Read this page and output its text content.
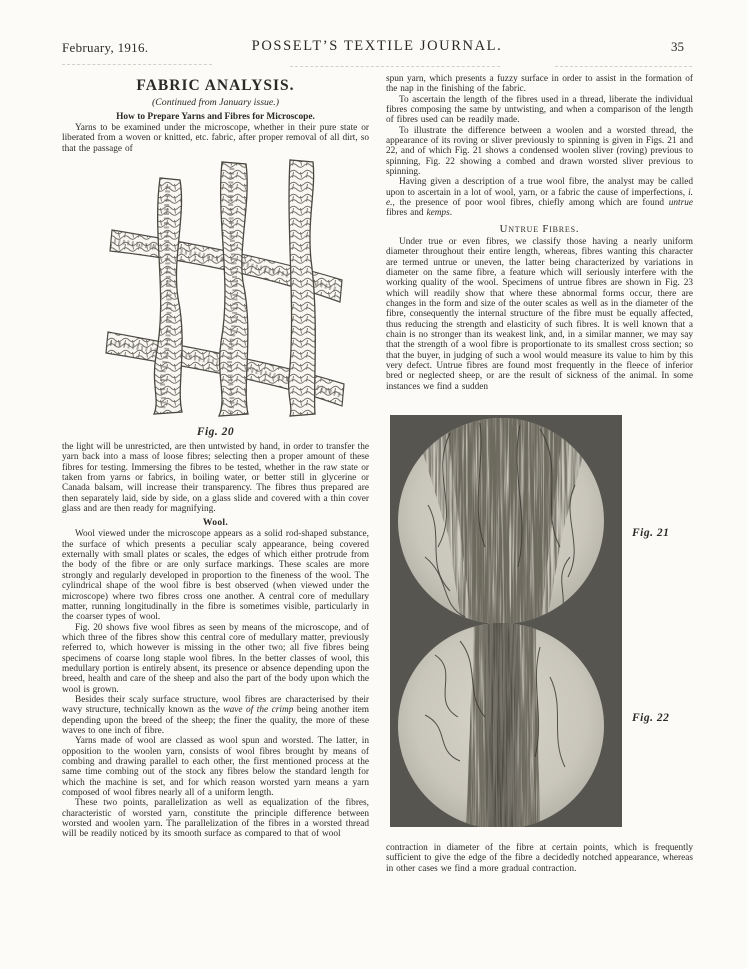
February, 1916.	POSSELT’S TEXTILE JOURNAL.	35
FABRIC ANALYSIS.
(Continued from January issue.)
How to Prepare Yarns and Fibres for Microscope.

Yarns to be examined under the microscope, whether in their pure state or liberated from a woven or knitted, etc. fabric, after proper removal of all dirt, so that the passage of

Fig. 20

the light will be unrestricted, are then untwisted by hand, in order to transfer the yarn back into a mass of loose fibres; selecting then a proper amount of these fibres for testing. Immersing the fibres to be tested, whether in the raw state or taken from yarns or fabrics, in boiling water, or better still in glycerine or Canada balsam, will increase their transparency. The fibres thus prepared are then separately laid, side by side, on a glass slide and covered with a thin cover glass and are then ready for magnifying.

Wool.

Wool viewed under the microscope appears as a solid rod-shaped substance, the surface of which presents a peculiar scaly appearance, being covered externally with small plates or scales, the edges of which either protrude from the body of the fibre or are only surface markings. These scales are more strongly and regularly developed in proportion to the fineness of the wool. The cylindrical shape of the wool fibre is best observed (when viewed under the microscope) where two fibres cross one another. A central core of medullary matter, running longitudinally in the fibre is sometimes visible, particularly in the coarser types of wool.

Fig. 20 shows five wool fibres as seen by means of the microscope, and of which three of the fibres show this central core of medullary matter, previously referred to, which however is missing in the other two; all five fibres being specimens of coarse long staple wool fibres. In the better classes of wool, this medullary portion is entirely absent, its presence or absence depending upon the breed, health and care of the sheep and also the part of the body upon which the wool is grown.

Besides their scaly surface structure, wool fibres are characterised by their wavy structure, technically known as the wave of the crimp being another item depending upon the breed of the sheep; the finer the quality, the more of these waves to one inch of fibre.

Yarns made of wool are classed as wool spun and worsted. The latter, in opposition to the woolen yarn, consists of wool fibres brought by means of combing and drawing parallel to each other, the first mentioned process at the same time combing out of the stock any fibres below the standard length for which the machine is set, and for which reason worsted yarn means a yarn composed of wool fibres nearly all of a uniform length.

These two points, parallelization as well as equalization of the fibres, characteristic of worsted yarn, constitute the principle difference between worsted and woolen yarn. The parallelization of the fibres in a worsted thread will be readily noticed by its smooth surface as compared to that of wool

spun yarn, which presents a fuzzy surface in order to assist in the formation of the nap in the finishing of the fabric.

To ascertain the length of the fibres used in a thread, liberate the individual fibres composing the same by untwisting, and when a comparison of the length of fibres used can be readily made.

To illustrate the difference between a woolen and a worsted thread, the appearance of its roving or sliver previously to spinning is given in Figs. 21 and 22, and of which Fig. 21 shows a condensed woolen sliver (roving) previous to spinning, Fig. 22 showing a combed and drawn worsted sliver previous to spinning.

Having given a description of a true wool fibre, the analyst may be called upon to ascertain in a lot of wool, yarn, or a fabric the cause of imperfections, i. e., the presence of poor wool fibres, chiefly among which are found untrue fibres and kemps.

Untrue Fibres.

Under true or even fibres, we classify those having a nearly uniform diameter throughout their entire length, whereas, fibres wanting this character are termed untrue or uneven, the latter being characterized by variations in diameter on the same fibre, a feature which will seriously interfere with the working quality of the wool. Specimens of untrue fibres are shown in Fig. 23 which will readily show that where these abnormal forms occur, there are changes in the form and size of the outer scales as well as in the diameter of the fibre, consequently the internal structure of the fibre must be equally affected, thus reducing the strength and elasticity of such fibres. It is well known that a chain is no stronger than its weakest link, and, in a similar manner, we may say that the strength of a wool fibre is proportionate to its smallest cross section; so that the buyer, in judging of such a wool would measure its value to him by this very defect. Untrue fibres are found most frequently in the fleece of inferior bred or neglected sheep, or are the result of sickness of the animal. In some instances we find a sudden

Fig. 21
Fig. 22

contraction in diameter of the fibre at certain points, which is frequently sufficient to give the edge of the fibre a decidedly notched appearance, whereas in other cases we find a more gradual contraction.
